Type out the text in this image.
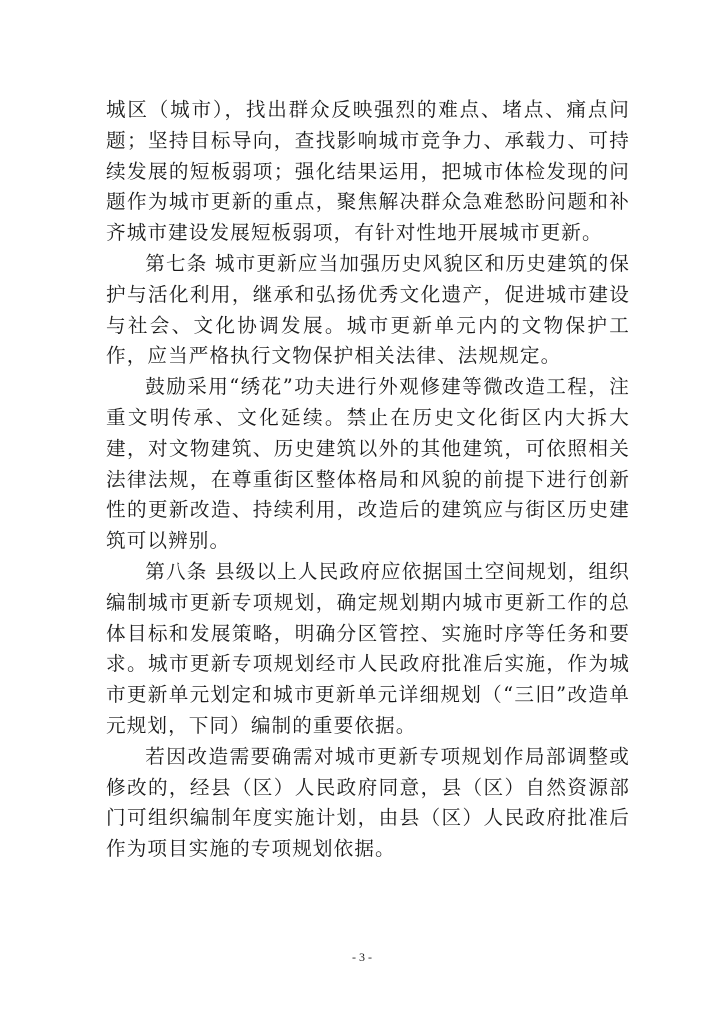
城区（城市），找出群众反映强烈的难点、堵点、痛点问题；坚持目标导向，查找影响城市竞争力、承载力、可持续发展的短板弱项；强化结果运用，把城市体检发现的问题作为城市更新的重点，聚焦解决群众急难愁盼问题和补齐城市建设发展短板弱项，有针对性地开展城市更新。

第七条 城市更新应当加强历史风貌区和历史建筑的保护与活化利用，继承和弘扬优秀文化遗产，促进城市建设与社会、文化协调发展。城市更新单元内的文物保护工作，应当严格执行文物保护相关法律、法规规定。

鼓励采用“绣花”功夫进行外观修建等微改造工程，注重文明传承、文化延续。禁止在历史文化街区内大拆大建，对文物建筑、历史建筑以外的其他建筑，可依照相关法律法规，在尊重街区整体格局和风貌的前提下进行创新性的更新改造、持续利用，改造后的建筑应与街区历史建筑可以辨别。

第八条 县级以上人民政府应依据国土空间规划，组织编制城市更新专项规划，确定规划期内城市更新工作的总体目标和发展策略，明确分区管控、实施时序等任务和要求。城市更新专项规划经市人民政府批准后实施，作为城市更新单元划定和城市更新单元详细规划（“三旧”改造单元规划，下同）编制的重要依据。

若因改造需要确需对城市更新专项规划作局部调整或修改的，经县（区）人民政府同意，县（区）自然资源部门可组织编制年度实施计划，由县（区）人民政府批准后作为项目实施的专项规划依据。

- 3 -
